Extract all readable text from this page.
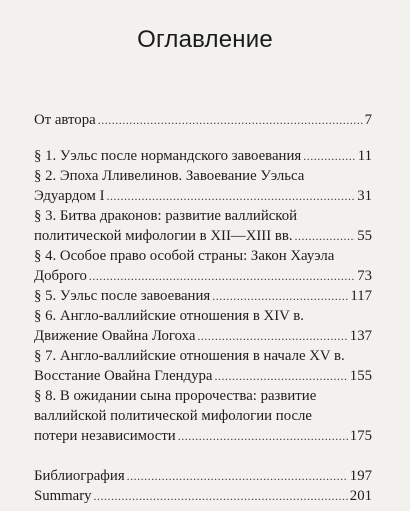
Оглавление
От автора .....	7
§ 1. Уэльс после нормандского завоевания .....	11
§ 2. Эпоха Лливелинов. Завоевание Уэльса
Эдуардом I .....	31
§ 3. Битва драконов: развитие валлийской
политической мифологии в XII—XIII вв. .....	55
§ 4. Особое право особой страны: Закон Хауэла
Доброго .....	73
§ 5. Уэльс после завоевания .....	117
§ 6. Англо-валлийские отношения в XIV в.
Движение Овайна Логоха .....	137
§ 7. Англо-валлийские отношения в начале XV в.
Восстание Овайна Глендура .....	155
§ 8. В ожидании сына пророчества: развитие
валлийской политической мифологии после
потери независимости .....	175
Библиография .....	197
Summary .....	201
